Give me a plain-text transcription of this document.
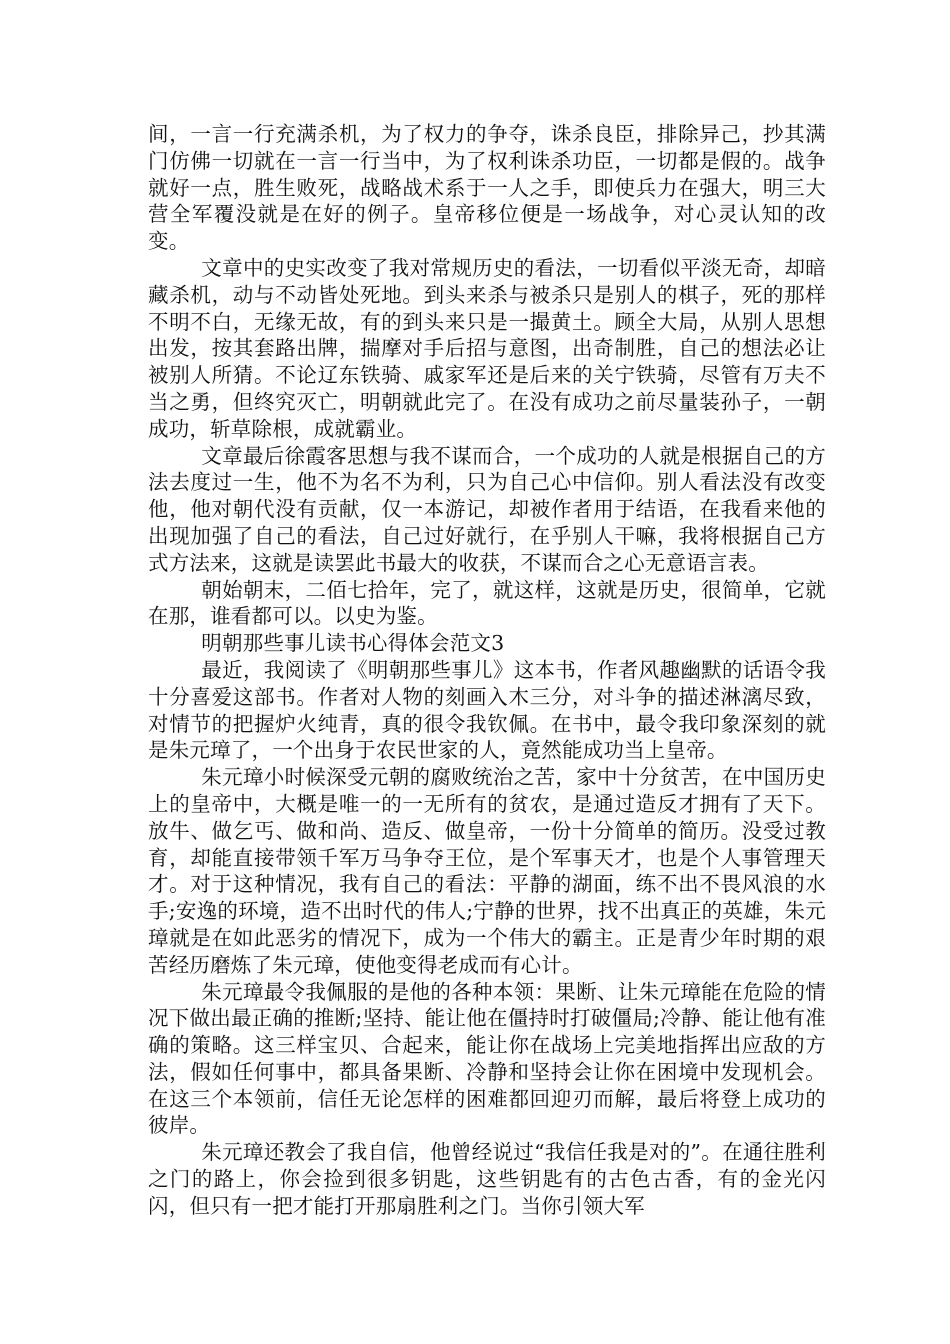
间，一言一行充满杀机，为了权力的争夺，诛杀良臣，排除异己，抄其满门仿佛一切就在一言一行当中，为了权利诛杀功臣，一切都是假的。战争就好一点，胜生败死，战略战术系于一人之手，即使兵力在强大，明三大营全军覆没就是在好的例子。皇帝移位便是一场战争，对心灵认知的改变。

文章中的史实改变了我对常规历史的看法，一切看似平淡无奇，却暗藏杀机，动与不动皆处死地。到头来杀与被杀只是别人的棋子，死的那样不明不白，无缘无故，有的到头来只是一撮黄土。顾全大局，从别人思想出发，按其套路出牌，揣摩对手后招与意图，出奇制胜，自己的想法必让被别人所猜。不论辽东铁骑、戚家军还是后来的关宁铁骑，尽管有万夫不当之勇，但终究灭亡，明朝就此完了。在没有成功之前尽量装孙子，一朝成功，斩草除根，成就霸业。

文章最后徐霞客思想与我不谋而合，一个成功的人就是根据自己的方法去度过一生，他不为名不为利，只为自己心中信仰。别人看法没有改变他，他对朝代没有贡献，仅一本游记，却被作者用于结语，在我看来他的出现加强了自己的看法，自己过好就行，在乎别人干嘛，我将根据自己方式方法来，这就是读罢此书最大的收获，不谋而合之心无意语言表。

朝始朝末，二佰七拾年，完了，就这样，这就是历史，很简单，它就在那，谁看都可以。以史为鉴。

明朝那些事儿读书心得体会范文3

最近，我阅读了《明朝那些事儿》这本书，作者风趣幽默的话语令我十分喜爱这部书。作者对人物的刻画入木三分，对斗争的描述淋漓尽致，对情节的把握炉火纯青，真的很令我钦佩。在书中，最令我印象深刻的就是朱元璋了，一个出身于农民世家的人，竟然能成功当上皇帝。

朱元璋小时候深受元朝的腐败统治之苦，家中十分贫苦，在中国历史上的皇帝中，大概是唯一的一无所有的贫农，是通过造反才拥有了天下。放牛、做乞丐、做和尚、造反、做皇帝，一份十分简单的简历。没受过教育，却能直接带领千军万马争夺王位，是个军事天才，也是个人事管理天才。对于这种情况，我有自己的看法：平静的湖面，练不出不畏风浪的水手;安逸的环境，造不出时代的伟人;宁静的世界，找不出真正的英雄，朱元璋就是在如此恶劣的情况下，成为一个伟大的霸主。正是青少年时期的艰苦经历磨炼了朱元璋，使他变得老成而有心计。

朱元璋最令我佩服的是他的各种本领：果断、让朱元璋能在危险的情况下做出最正确的推断;坚持、能让他在僵持时打破僵局;冷静、能让他有准确的策略。这三样宝贝、合起来，能让你在战场上完美地指挥出应敌的方法，假如任何事中，都具备果断、冷静和坚持会让你在困境中发现机会。在这三个本领前，信任无论怎样的困难都回迎刃而解，最后将登上成功的彼岸。

朱元璋还教会了我自信，他曾经说过“我信任我是对的”。在通往胜利之门的路上，你会捡到很多钥匙，这些钥匙有的古色古香，有的金光闪闪，但只有一把才能打开那扇胜利之门。当你引领大军
